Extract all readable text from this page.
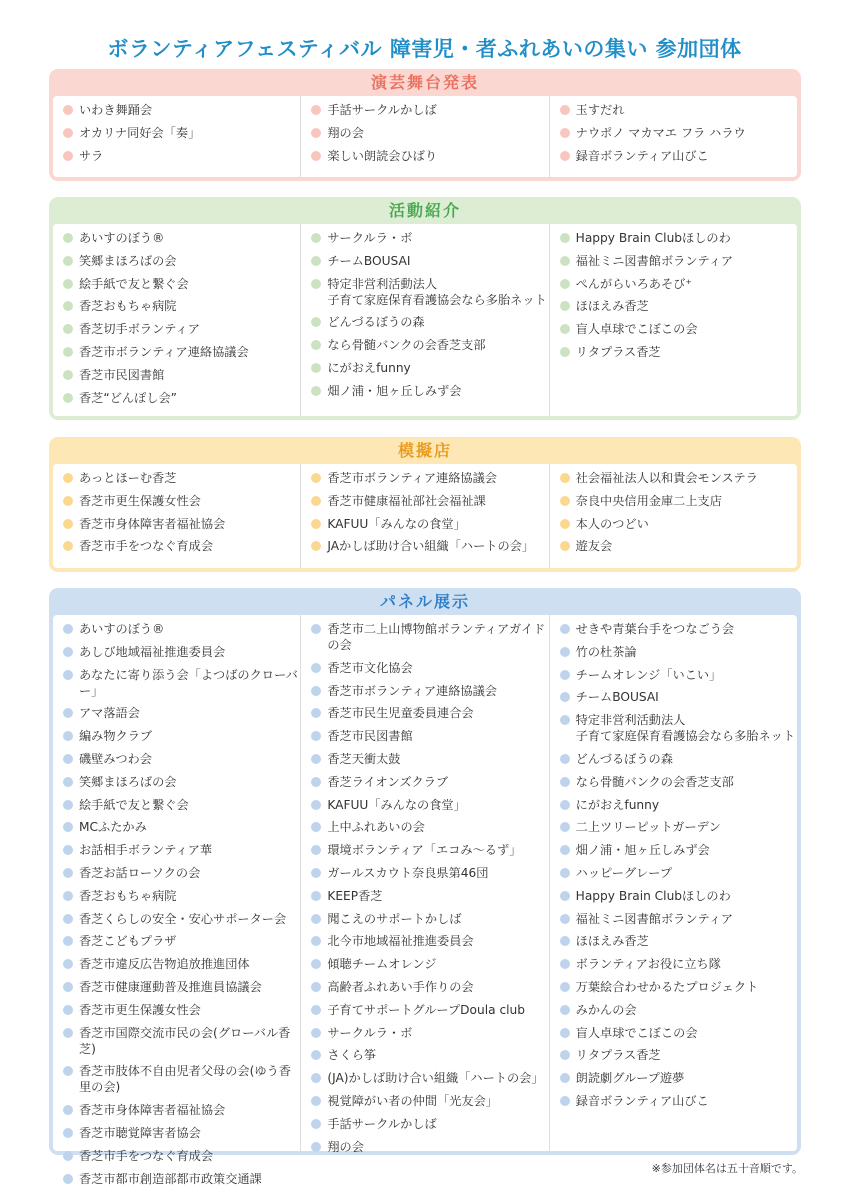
ボランティアフェスティバル 障害児・者ふれあいの集い 参加団体
演芸舞台発表
いわき舞踊会
オカリナ同好会「奏」
サラ
手話サークルかしば
翔の会
楽しい朗読会ひばり
玉すだれ
ナウポノ マカマエ フラ ハラウ
録音ボランティア山びこ
活動紹介
あいすのぼう®
笑郷まほろばの会
絵手紙で友と繋ぐ会
香芝おもちゃ病院
香芝切手ボランティア
香芝市ボランティア連絡協議会
香芝市民図書館
香芝“どんぽし会”
サークルラ・ボ
チームBOUSAI
特定非営利活動法人
子育て家庭保育看護協会なら多胎ネット
どんづるぼうの森
なら骨髄バンクの会香芝支部
にがおえfunny
畑ノ浦・旭ヶ丘しみず会
Happy Brain Clubほしのわ
福祉ミニ図書館ボランティア
ぺんがらいろあそび⁺
ほほえみ香芝
盲人卓球でこぼこの会
リタプラス香芝
模擬店
あっとほーむ香芝
香芝市更生保護女性会
香芝市身体障害者福祉協会
香芝市手をつなぐ育成会
香芝市ボランティア連絡協議会
香芝市健康福祉部社会福祉課
KAFUU「みんなの食堂」
JAかしば助け合い組織「ハートの会」
社会福祉法人以和貴会モンステラ
奈良中央信用金庫二上支店
本人のつどい
遊友会
パネル展示
あいすのぼう®
あしび地域福祉推進委員会
あなたに寄り添う会「よつばのクローバー」
アマ落語会
編み物クラブ
磯壁みつわ会
笑郷まほろばの会
絵手紙で友と繋ぐ会
MCふたかみ
お話相手ボランティア華
香芝お話ローソクの会
香芝おもちゃ病院
香芝くらしの安全・安心サポーター会
香芝こどもプラザ
香芝市違反広告物追放推進団体
香芝市健康運動普及推進員協議会
香芝市更生保護女性会
香芝市国際交流市民の会(グローバル香芝)
香芝市肢体不自由児者父母の会(ゆう香里の会)
香芝市身体障害者福祉協会
香芝市聴覚障害者協会
香芝市手をつなぐ育成会
香芝市都市創造部都市政策交通課
香芝市二上山博物館ボランティアガイドの会
香芝市文化協会
香芝市ボランティア連絡協議会
香芝市民生児童委員連合会
香芝市民図書館
香芝天衝太鼓
香芝ライオンズクラブ
KAFUU「みんなの食堂」
上中ふれあいの会
環境ボランティア「エコみ〜るず」
ガールスカウト奈良県第46団
KEEP香芝
聞こえのサポートかしば
北今市地域福祉推進委員会
傾聴チームオレンジ
高齢者ふれあい手作りの会
子育てサポートグループDoula club
サークルラ・ボ
さくら筝
(JA)かしば助け合い組織「ハートの会」
視覚障がい者の仲間「光友会」
手話サークルかしば
翔の会
せきや青葉台手をつなごう会
竹の杜茶論
チームオレンジ「いこい」
チームBOUSAI
特定非営利活動法人
子育て家庭保育看護協会なら多胎ネット
どんづるぼうの森
なら骨髄バンクの会香芝支部
にがおえfunny
二上ツリーピットガーデン
畑ノ浦・旭ヶ丘しみず会
ハッピーグレープ
Happy Brain Clubほしのわ
福祉ミニ図書館ボランティア
ほほえみ香芝
ボランティアお役に立ち隊
万葉絵合わせかるたプロジェクト
みかんの会
盲人卓球でこぼこの会
リタプラス香芝
朗読劇グループ遊夢
録音ボランティア山びこ
※参加団体名は五十音順です。
